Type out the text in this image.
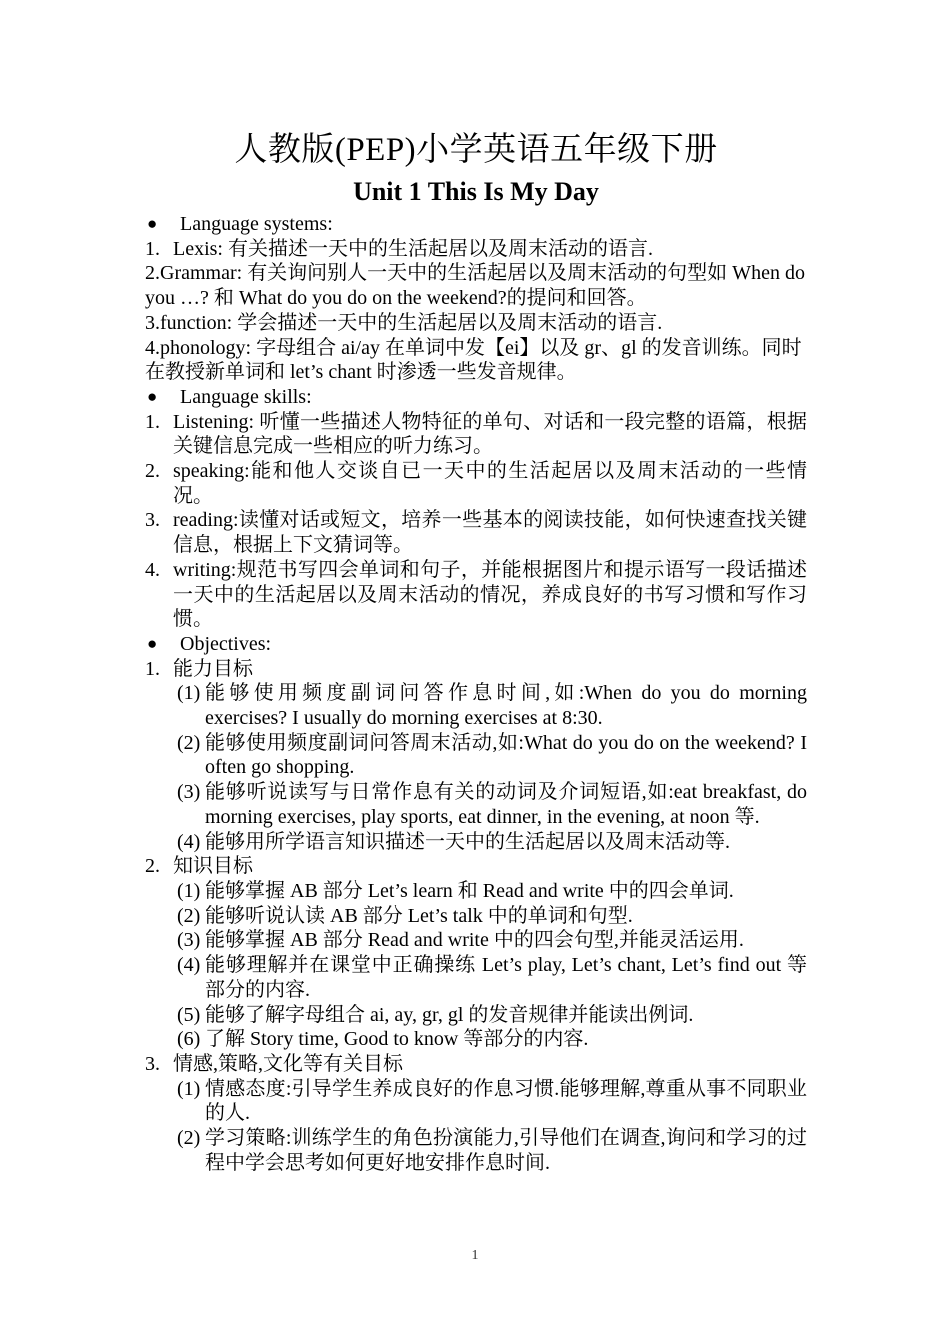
人教版(PEP)小学英语五年级下册
Unit 1 This Is My Day
●	Language systems:
1. Lexis: 有关描述一天中的生活起居以及周末活动的语言.
2.Grammar: 有关询问别人一天中的生活起居以及周末活动的句型如 When do you …? 和 What do you do on the weekend?的提问和回答。
3.function: 学会描述一天中的生活起居以及周末活动的语言.
4.phonology: 字母组合 ai/ay 在单词中发【ei】以及 gr、gl 的发音训练。同时在教授新单词和 let’s chant 时渗透一些发音规律。
●	Language skills:
1. Listening: 听懂一些描述人物特征的单句、对话和一段完整的语篇，根据关键信息完成一些相应的听力练习。
2. speaking:能和他人交谈自已一天中的生活起居以及周末活动的一些情况。
3. reading:读懂对话或短文，培养一些基本的阅读技能，如何快速查找关键信息，根据上下文猜词等。
4. writing:规范书写四会单词和句子，并能根据图片和提示语写一段话描述一天中的生活起居以及周末活动的情况，养成良好的书写习惯和写作习惯。
●	Objectives:
1. 能力目标
(1) 能够使用频度副词问答作息时间,如:When do you do morning exercises? I usually do morning exercises at 8:30.
(2) 能够使用频度副词问答周末活动,如:What do you do on the weekend? I often go shopping.
(3) 能够听说读写与日常作息有关的动词及介词短语,如:eat breakfast, do morning exercises, play sports, eat dinner, in the evening, at noon 等.
(4) 能够用所学语言知识描述一天中的生活起居以及周末活动等.
2. 知识目标
(1) 能够掌握 AB 部分 Let’s learn 和 Read and write 中的四会单词.
(2) 能够听说认读 AB 部分 Let’s talk 中的单词和句型.
(3) 能够掌握 AB 部分 Read and write 中的四会句型,并能灵活运用.
(4) 能够理解并在课堂中正确操练 Let’s play, Let’s chant, Let’s find out 等部分的内容.
(5) 能够了解字母组合 ai, ay, gr, gl 的发音规律并能读出例词.
(6) 了解 Story time, Good to know 等部分的内容.
3. 情感,策略,文化等有关目标
(1) 情感态度:引导学生养成良好的作息习惯.能够理解,尊重从事不同职业的人.
(2) 学习策略:训练学生的角色扮演能力,引导他们在调查,询问和学习的过程中学会思考如何更好地安排作息时间.
1
